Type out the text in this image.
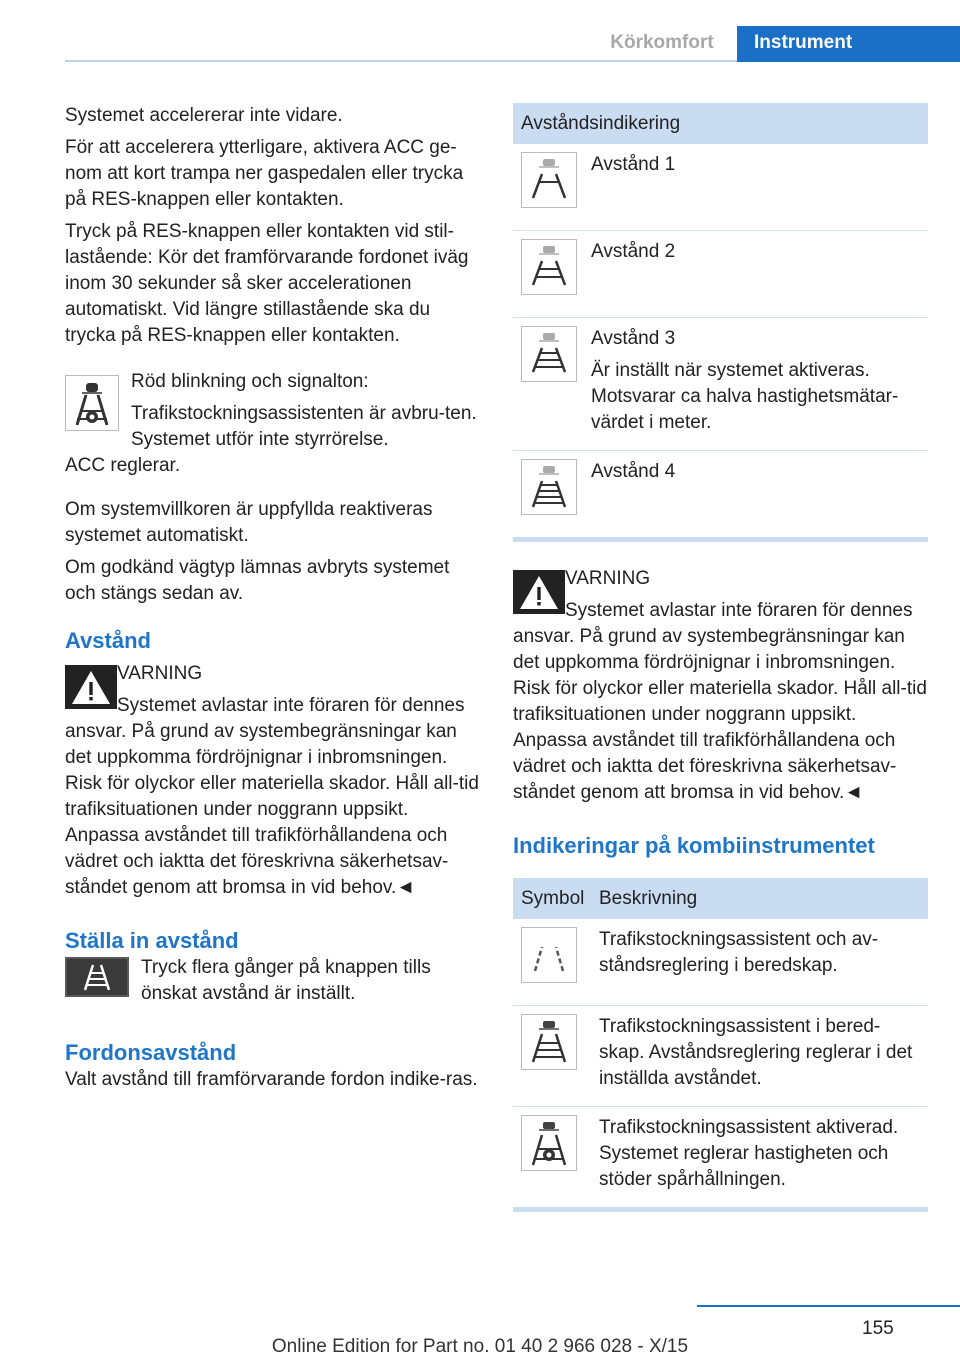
Körkomfort	Instrument

Systemet accelererar inte vidare.

För att accelerera ytterligare, aktivera ACC ge-nom att kort trampa ner gaspedalen eller trycka på RES-knappen eller kontakten.

Tryck på RES-knappen eller kontakten vid stil-lastående: Kör det framförvarande fordonet iväg inom 30 sekunder så sker accelerationen automatiskt. Vid längre stillastående ska du trycka på RES-knappen eller kontakten.

Röd blinkning och signalton:

Trafikstockningsassistenten är avbru-ten. Systemet utför inte styrrörelse.

ACC reglerar.

Om systemvillkoren är uppfyllda reaktiveras systemet automatiskt.

Om godkänd vägtyp lämnas avbryts systemet och stängs sedan av.

Avstånd
VARNING
Systemet avlastar inte föraren för dennes ansvar. På grund av systembegränsningar kan det uppkomma fördröjnignar i inbromsningen. Risk för olyckor eller materiella skador. Håll all-tid trafiksituationen under noggrann uppsikt. Anpassa avståndet till trafikförhållandena och vädret och iaktta det föreskrivna säkerhetsav-ståndet genom att bromsa in vid behov.◄
Ställa in avstånd
Tryck flera gånger på knappen tills önskat avstånd är inställt.
Fordonsavstånd

Valt avstånd till framförvarande fordon indike-ras.

Avståndsindikering	
	Avstånd 1
	Avstånd 2

Avstånd 3
Är inställt när systemet aktiveras. Motsvarar ca halva hastighetsmätar-värdet i meter.

	Avstånd 4
VARNING
Systemet avlastar inte föraren för dennes ansvar. På grund av systembegränsningar kan det uppkomma fördröjnignar i inbromsningen. Risk för olyckor eller materiella skador. Håll all-tid trafiksituationen under noggrann uppsikt. Anpassa avståndet till trafikförhållandena och vädret och iaktta det föreskrivna säkerhetsav-ståndet genom att bromsa in vid behov.◄
Indikeringar på kombiinstrumentet
Symbol	Beskrivning
	Trafikstockningsassistent och av-ståndsreglering i beredskap.
	Trafikstockningsassistent i bered-skap. Avståndsreglering reglerar i det inställda avståndet.
	Trafikstockningsassistent aktiverad. Systemet reglerar hastigheten och stöder spårhållningen.
155
Online Edition for Part no. 01 40 2 966 028 - X/15
